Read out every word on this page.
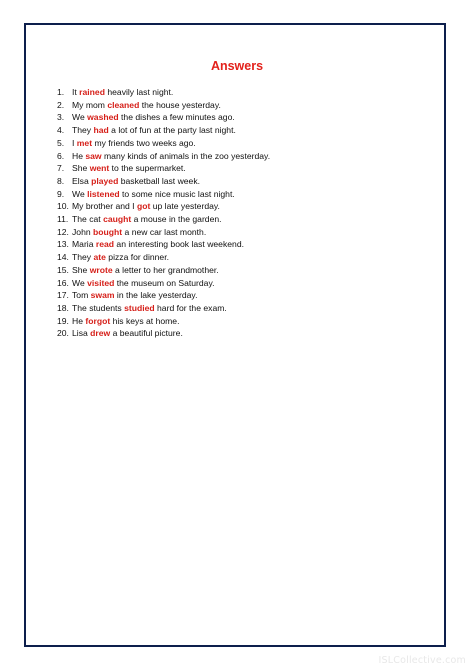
Answers
1. It rained heavily last night.
2. My mom cleaned the house yesterday.
3. We washed the dishes a few minutes ago.
4. They had a lot of fun at the party last night.
5. I met my friends two weeks ago.
6. He saw many kinds of animals in the zoo yesterday.
7. She went to the supermarket.
8. Elsa played basketball last week.
9. We listened to some nice music last night.
10. My brother and I got up late yesterday.
11. The cat caught a mouse in the garden.
12. John bought a new car last month.
13. Maria read an interesting book last weekend.
14. They ate pizza for dinner.
15. She wrote a letter to her grandmother.
16. We visited the museum on Saturday.
17. Tom swam in the lake yesterday.
18. The students studied hard for the exam.
19. He forgot his keys at home.
20. Lisa drew a beautiful picture.
ISLCollective.com
